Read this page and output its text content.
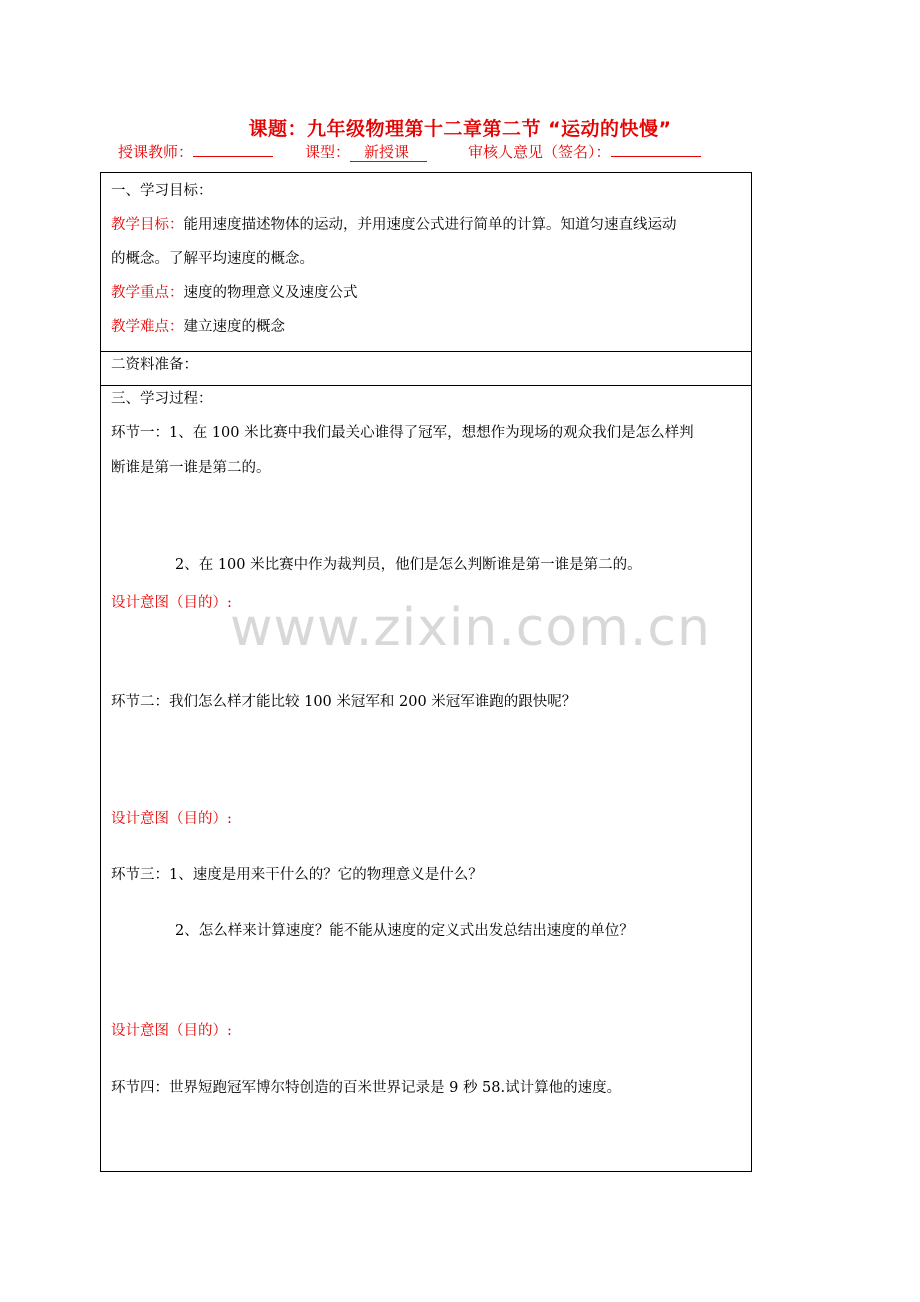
课题：九年级物理第十二章第二节 “运动的快慢”
授课教师：	课型： 新授课	审核人意见（签名）：
一、学习目标：
教学目标：能用速度描述物体的运动，并用速度公式进行简单的计算。知道匀速直线运动
的概念。了解平均速度的概念。
教学重点：速度的物理意义及速度公式
教学难点：建立速度的概念
二资料准备：
三、学习过程：
环节一：1、在 100 米比赛中我们最关心谁得了冠军，想想作为现场的观众我们是怎么样判
断谁是第一谁是第二的。
2、在 100 米比赛中作为裁判员，他们是怎么判断谁是第一谁是第二的。
设计意图（目的）:
环节二：我们怎么样才能比较 100 米冠军和 200 米冠军谁跑的跟快呢？
设计意图（目的）:
环节三：1、速度是用来干什么的？它的物理意义是什么？
2、怎么样来计算速度？能不能从速度的定义式出发总结出速度的单位？
设计意图（目的）:
环节四：世界短跑冠军博尔特创造的百米世界记录是 9 秒 58.试计算他的速度。
www.zixin.com.cn
